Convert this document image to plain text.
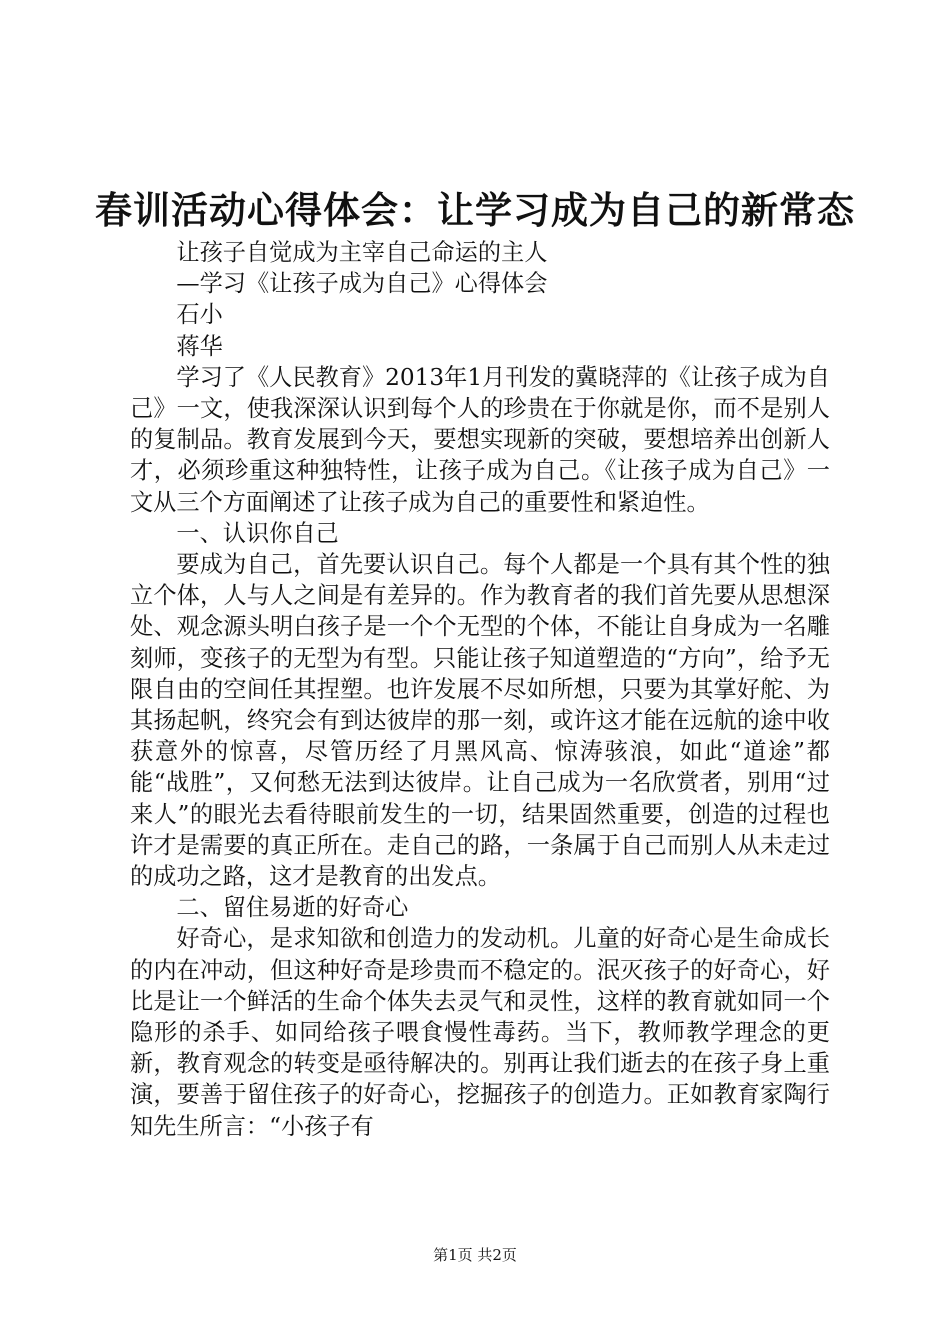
春训活动心得体会：让学习成为自己的新常态

让孩子自觉成为主宰自己命运的主人

—学习《让孩子成为自己》心得体会

石小

蒋华

学习了《人民教育》2013年1月刊发的冀晓萍的《让孩子成为自己》一文，使我深深认识到每个人的珍贵在于你就是你，而不是别人的复制品。教育发展到今天，要想实现新的突破，要想培养出创新人才，必须珍重这种独特性，让孩子成为自己。《让孩子成为自己》一文从三个方面阐述了让孩子成为自己的重要性和紧迫性。

一、认识你自己

要成为自己，首先要认识自己。每个人都是一个具有其个性的独立个体，人与人之间是有差异的。作为教育者的我们首先要从思想深处、观念源头明白孩子是一个个无型的个体，不能让自身成为一名雕刻师，变孩子的无型为有型。只能让孩子知道塑造的“方向”，给予无限自由的空间任其捏塑。也许发展不尽如所想，只要为其掌好舵、为其扬起帆，终究会有到达彼岸的那一刻，或许这才能在远航的途中收获意外的惊喜，尽管历经了月黑风高、惊涛骇浪，如此“道途”都能“战胜”，又何愁无法到达彼岸。让自己成为一名欣赏者，别用“过来人”的眼光去看待眼前发生的一切，结果固然重要，创造的过程也许才是需要的真正所在。走自己的路，一条属于自己而别人从未走过的成功之路，这才是教育的出发点。

二、留住易逝的好奇心

好奇心，是求知欲和创造力的发动机。儿童的好奇心是生命成长的内在冲动，但这种好奇是珍贵而不稳定的。泯灭孩子的好奇心，好比是让一个鲜活的生命个体失去灵气和灵性，这样的教育就如同一个隐形的杀手、如同给孩子喂食慢性毒药。当下，教师教学理念的更新，教育观念的转变是亟待解决的。别再让我们逝去的在孩子身上重演，要善于留住孩子的好奇心，挖掘孩子的创造力。正如教育家陶行知先生所言：“小孩子有

第1页 共2页
